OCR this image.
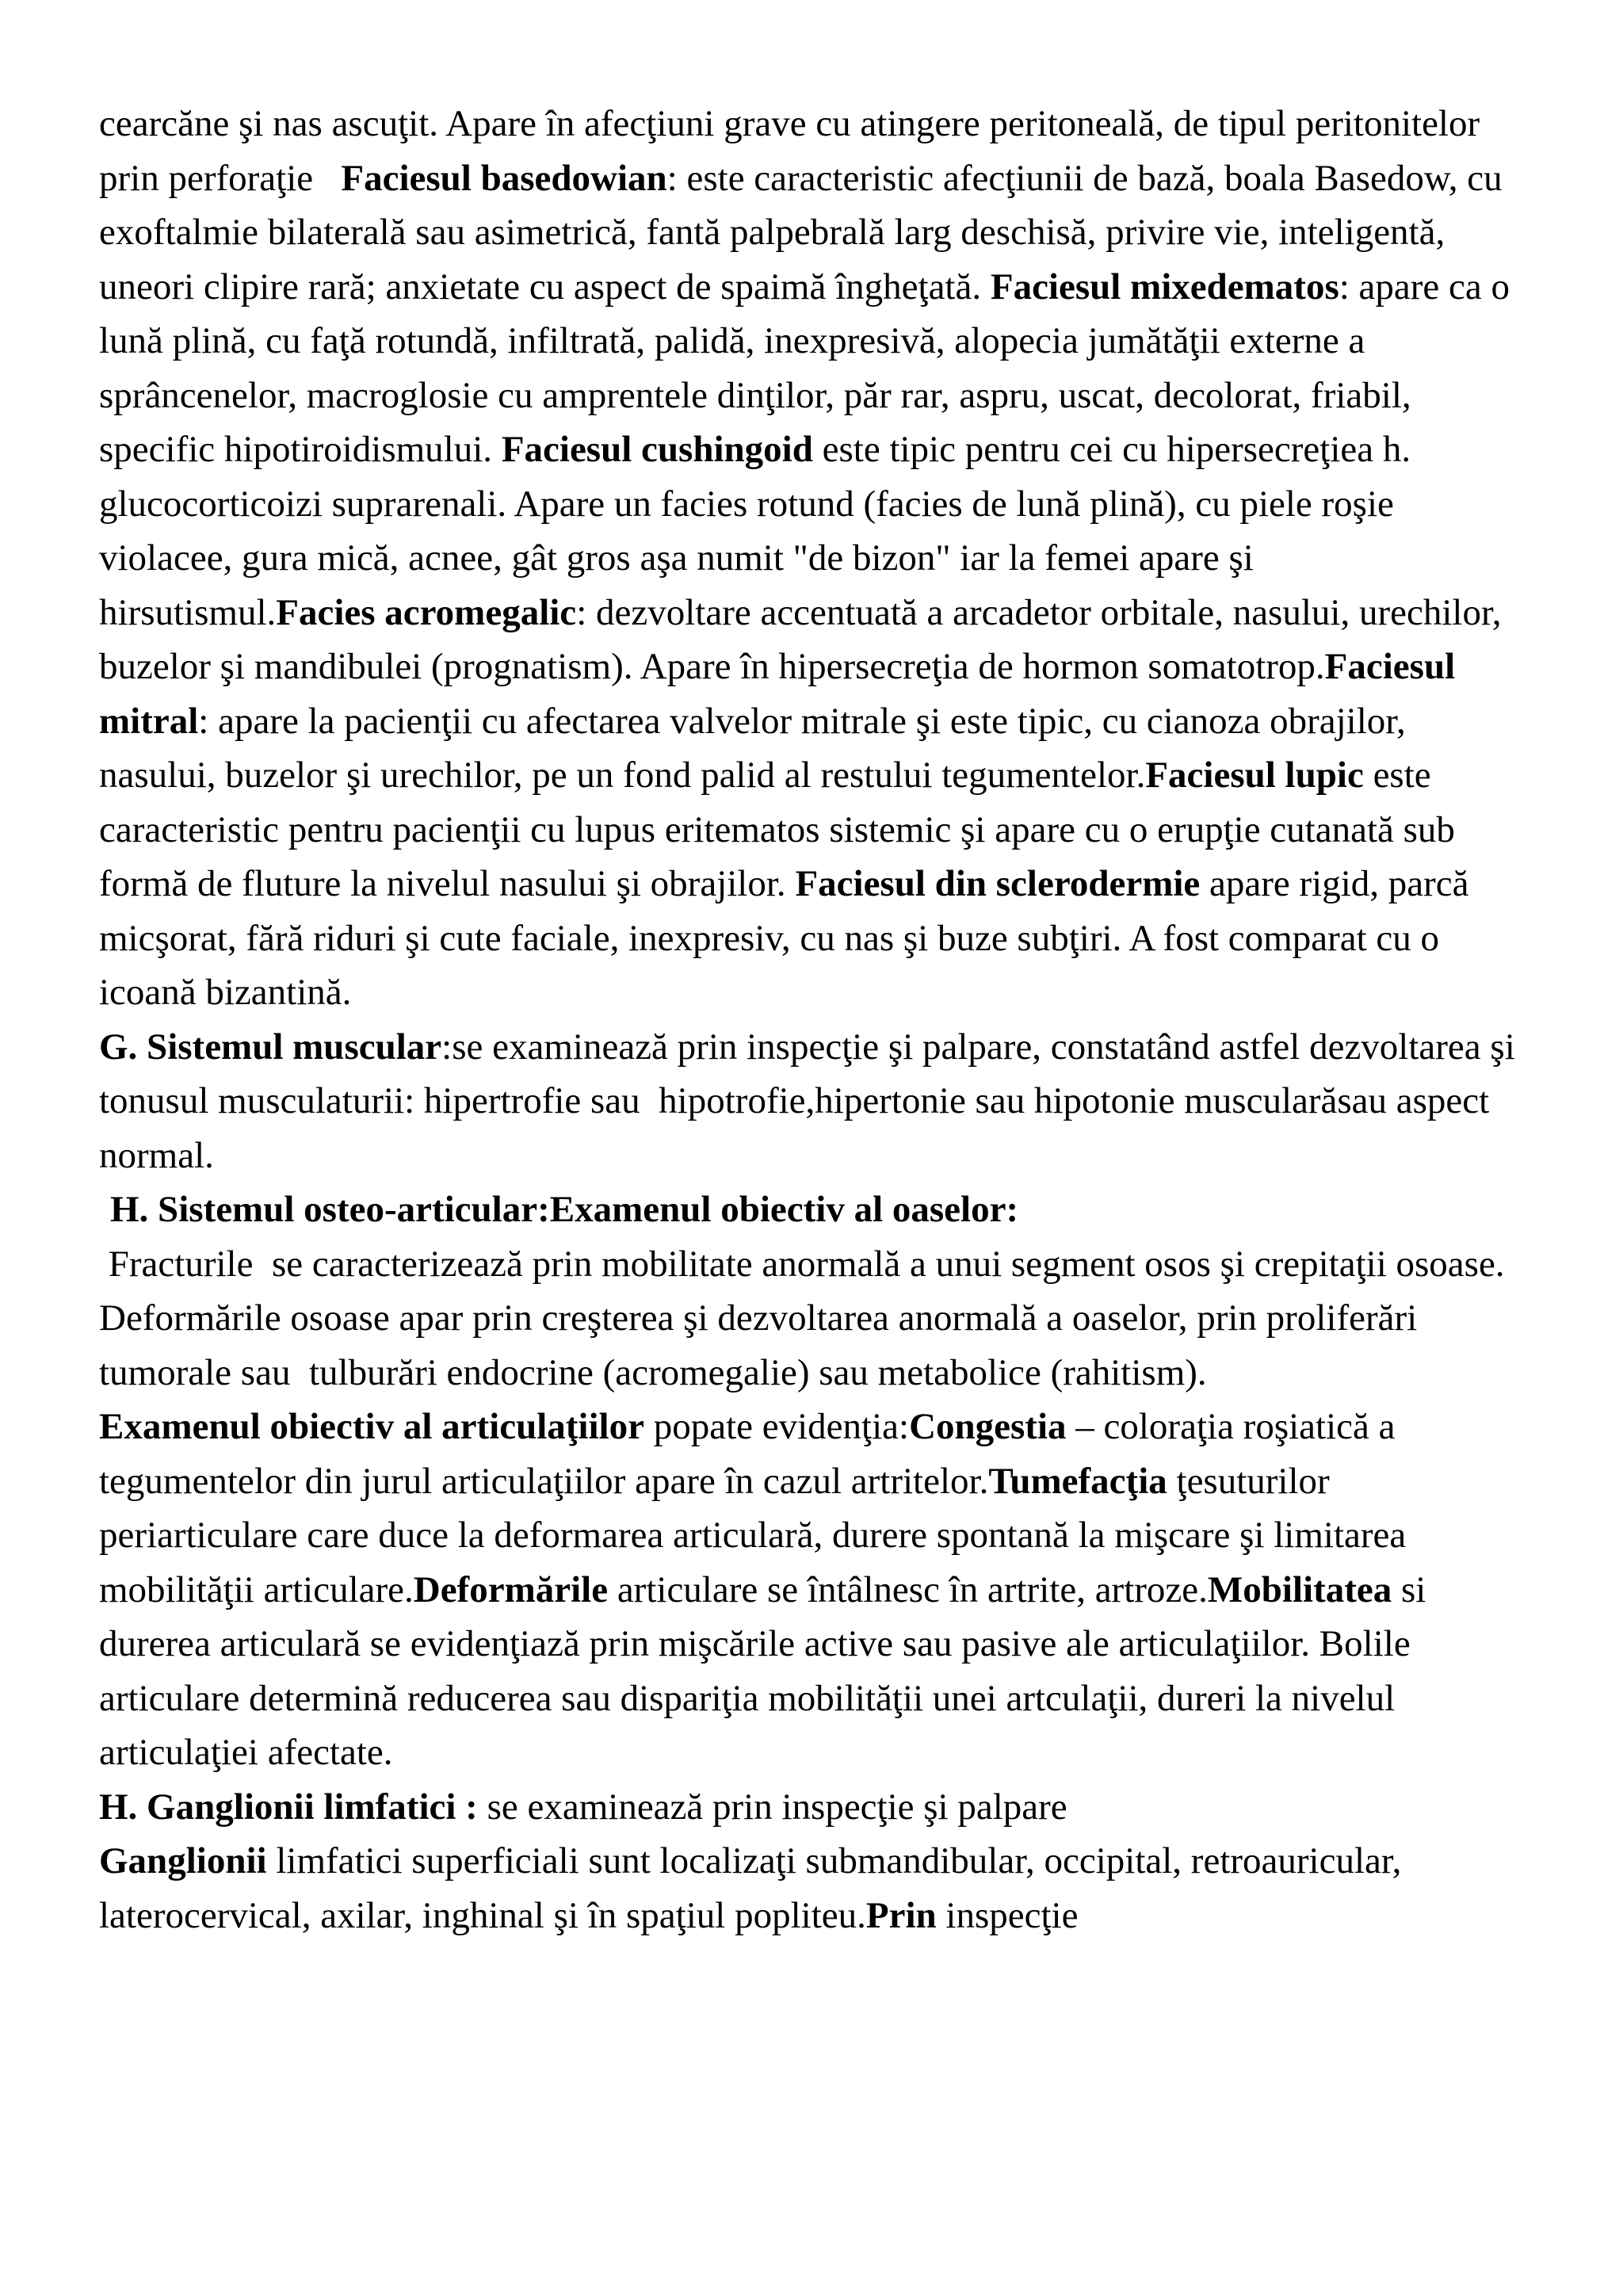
cearcăne şi nas ascuţit. Apare în afecţiuni grave cu atingere peritoneală, de tipul peritonitelor prin perforaţie   Faciesul basedowian: este caracteristic afecţiunii de bază, boala Basedow, cu exoftalmie bilaterală sau asimetrică, fantă palpebrală larg deschisă, privire vie, inteligentă, uneori clipire rară; anxietate cu aspect de spaimă îngheţată. Faciesul mixedematos: apare ca o lună plină, cu faţă rotundă, infiltrată, palidă, inexpresivă, alopecia jumătăţii externe a sprâncenelor, macroglosie cu amprentele dinţilor, păr rar, aspru, uscat, decolorat, friabil, specific hipotiroidismului. Faciesul cushingoid este tipic pentru cei cu hipersecreţiea h. glucocorticoizi suprarenali. Apare un facies rotund (facies de lună plină), cu piele roşie violacee, gura mică, acnee, gât gros aşa numit "de bizon" iar la femei apare şi hirsutismul.Facies acromegalic: dezvoltare accentuată a arcadetor orbitale, nasului, urechilor, buzelor şi mandibulei (prognatism). Apare în hipersecreţia de hormon somatotrop.Faciesul mitral: apare la pacienţii cu afectarea valvelor mitrale şi este tipic, cu cianoza obrajilor, nasului, buzelor şi urechilor, pe un fond palid al restului tegumentelor.Faciesul lupic este caracteristic pentru pacienţii cu lupus eritematos sistemic şi apare cu o erupţie cutanată sub formă de fluture la nivelul nasului şi obrajilor. Faciesul din sclerodermie apare rigid, parcă micşorat, fără riduri şi cute faciale, inexpresiv, cu nas şi buze subţiri. A fost comparat cu o icoană bizantină.

G. Sistemul muscular:se examinează prin inspecţie şi palpare, constatând astfel dezvoltarea şi tonusul musculaturii: hipertrofie sau  hipotrofie,hipertonie sau hipotonie muscularăsau aspect normal.

H. Sistemul osteo-articular:Examenul obiectiv al oaselor:

Fracturile  se caracterizează prin mobilitate anormală a unui segment osos şi crepitaţii osoase. Deformările osoase apar prin creşterea şi dezvoltarea anormală a oaselor, prin proliferări tumorale sau  tulburări endocrine (acromegalie) sau metabolice (rahitism).

Examenul obiectiv al articulaţiilor popate evidenţia:Congestia – coloraţia roşiatică a tegumentelor din jurul articulaţiilor apare în cazul artritelor.Tumefacţia ţesuturilor periarticulare care duce la deformarea articulară, durere spontană la mişcare şi limitarea mobilităţii articulare.Deformările articulare se întâlnesc în artrite, artroze.Mobilitatea si durerea articulară se evidenţiază prin mişcările active sau pasive ale articulaţiilor. Bolile articulare determină reducerea sau dispariţia mobilităţii unei artculaţii, dureri la nivelul articulaţiei afectate.

H. Ganglionii limfatici : se examinează prin inspecţie şi palpare

Ganglionii limfatici superficiali sunt localizaţi submandibular, occipital, retroauricular, laterocervical, axilar, inghinal şi în spaţiul popliteu.Prin inspecţie
